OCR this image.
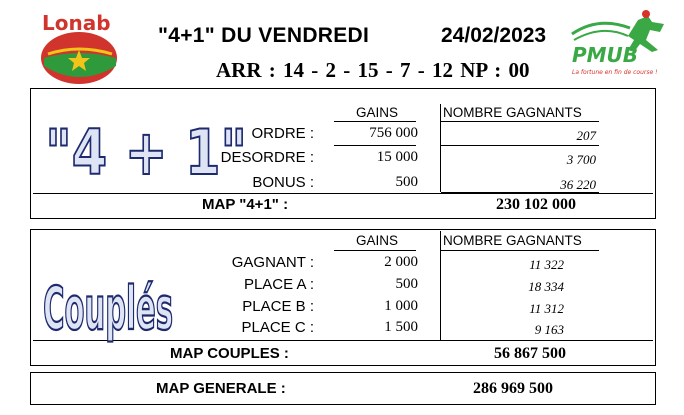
Lonab
"4+1" DU VENDREDI	24/02/2023
ARR : 14 - 2 - 15 - 7 - 12 NP : 00
PMUB
La fortune en fin de course !
"4 + 1"
GAINS	NOMBRE GAGNANTS
ORDRE :	756 000	207
DESORDRE :	15 000	3 700
BONUS :	500	36 220
MAP "4+1" :	230 102 000
Couplés
GAINS	NOMBRE GAGNANTS
GAGNANT :	2 000	11 322
PLACE A :	500	18 334
PLACE B :	1 000	11 312
PLACE C :	1 500	9 163
MAP COUPLES :	56 867 500
MAP GENERALE :	286 969 500
